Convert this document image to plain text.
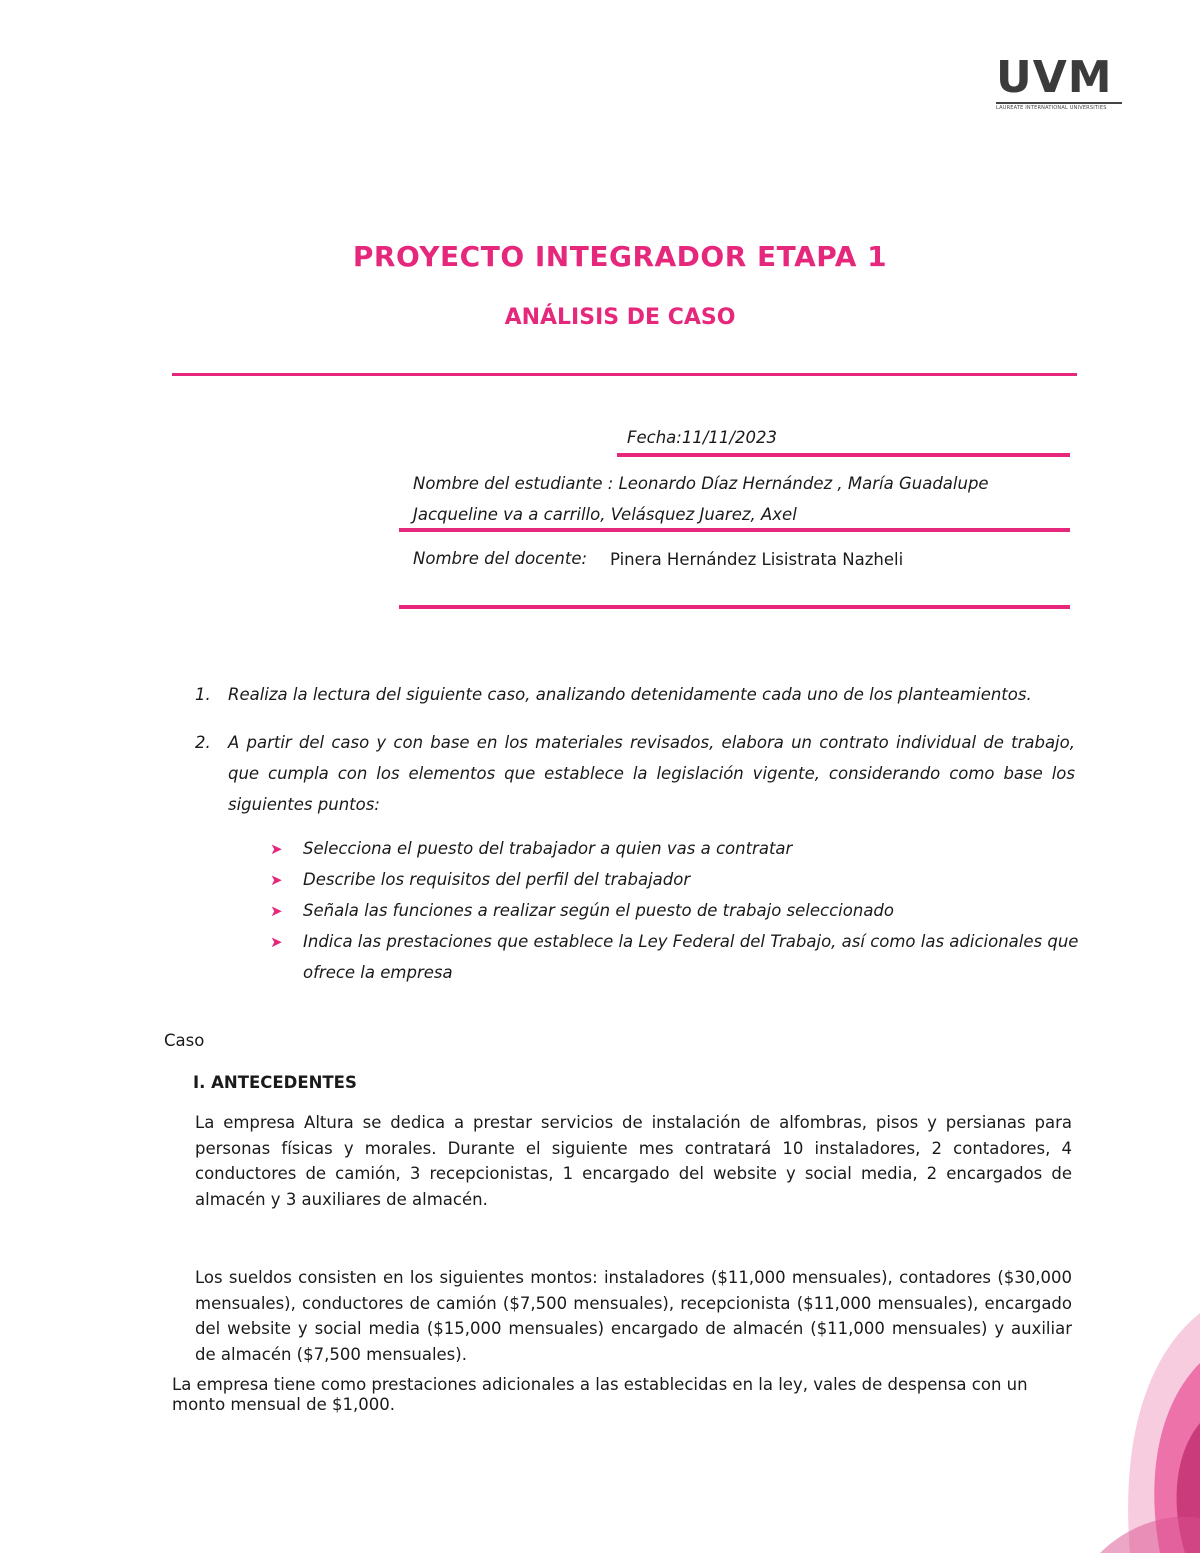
UVM
LAUREATE INTERNATIONAL UNIVERSITIES
PROYECTO INTEGRADOR ETAPA 1
ANÁLISIS DE CASO
Fecha:11/11/2023
Nombre del estudiante : Leonardo Díaz Hernández , María Guadalupe
Jacqueline va a carrillo, Velásquez Juarez, Axel
Nombre del docente: Pinera Hernández Lisistrata Nazheli
1. Realiza la lectura del siguiente caso, analizando detenidamente cada uno de los planteamientos.
2. A partir del caso y con base en los materiales revisados, elabora un contrato individual de trabajo, que cumpla con los elementos que establece la legislación vigente, considerando como base los siguientes puntos:
➤ Selecciona el puesto del trabajador a quien vas a contratar
➤ Describe los requisitos del perfil del trabajador
➤ Señala las funciones a realizar según el puesto de trabajo seleccionado
➤ Indica las prestaciones que establece la Ley Federal del Trabajo, así como las adicionales que ofrece la empresa
Caso
I. ANTECEDENTES
La empresa Altura se dedica a prestar servicios de instalación de alfombras, pisos y persianas para personas físicas y morales. Durante el siguiente mes contratará 10 instaladores, 2 contadores, 4 conductores de camión, 3 recepcionistas, 1 encargado del website y social media, 2 encargados de almacén y 3 auxiliares de almacén.
Los sueldos consisten en los siguientes montos: instaladores ($11,000 mensuales), contadores ($30,000 mensuales), conductores de camión ($7,500 mensuales), recepcionista ($11,000 mensuales), encargado del website y social media ($15,000 mensuales) encargado de almacén ($11,000 mensuales) y auxiliar de almacén ($7,500 mensuales).
La empresa tiene como prestaciones adicionales a las establecidas en la ley, vales de despensa con un monto mensual de $1,000.
